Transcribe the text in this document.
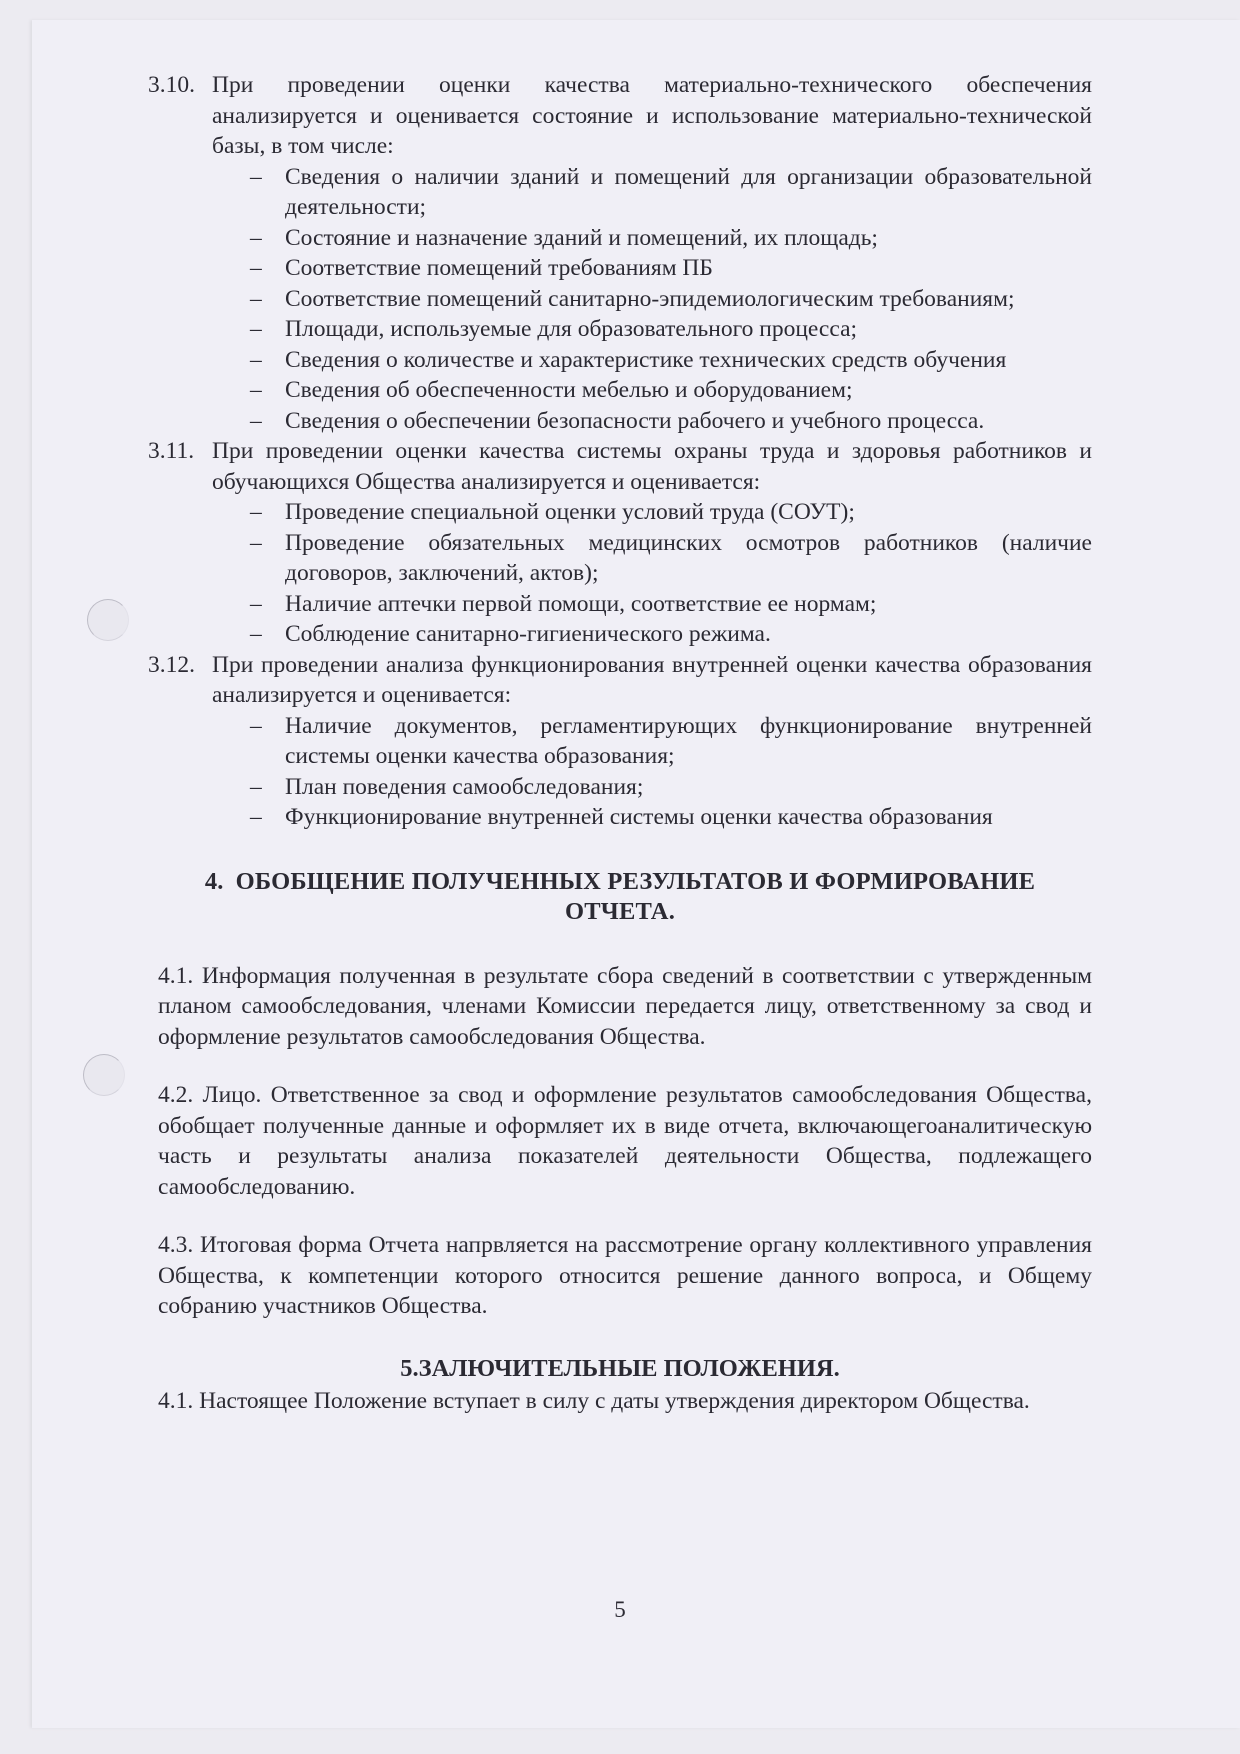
3.10. При проведении оценки качества материально-технического обеспечения анализируется и оценивается состояние и использование материально-технической базы, в том числе:
– Сведения о наличии зданий и помещений для организации образовательной деятельности;
– Состояние и назначение зданий и помещений, их площадь;
– Соответствие помещений требованиям ПБ
– Соответствие помещений санитарно-эпидемиологическим требованиям;
– Площади, используемые для образовательного процесса;
– Сведения о количестве и характеристике технических средств обучения
– Сведения об обеспеченности мебелью и оборудованием;
– Сведения о обеспечении безопасности рабочего и учебного процесса.
3.11. При проведении оценки качества системы охраны труда и здоровья работников и обучающихся Общества анализируется и оценивается:
– Проведение специальной оценки условий труда (СОУТ);
– Проведение обязательных медицинских осмотров работников (наличие договоров, заключений, актов);
– Наличие аптечки первой помощи, соответствие ее нормам;
– Соблюдение санитарно-гигиенического режима.
3.12. При проведении анализа функционирования внутренней оценки качества образования анализируется и оценивается:
– Наличие документов, регламентирующих функционирование внутренней системы оценки качества образования;
– План поведения самообследования;
– Функционирование внутренней системы оценки качества образования
4. ОБОБЩЕНИЕ ПОЛУЧЕННЫХ РЕЗУЛЬТАТОВ И ФОРМИРОВАНИЕ
ОТЧЕТА.

4.1. Информация полученная в результате сбора сведений в соответствии с утвержденным планом самообследования, членами Комиссии передается лицу, ответственному за свод и оформление результатов самообследования Общества.

4.2. Лицо. Ответственное за свод и оформление результатов самообследования Общества, обобщает полученные данные и оформляет их в виде отчета, включающегоаналитическую часть и результаты анализа показателей деятельности Общества, подлежащего самообследованию.

4.3. Итоговая форма Отчета напрвляется на рассмотрение органу коллективного управления Общества, к компетенции которого относится решение данного вопроса, и Общему собранию участников Общества.

5.ЗАЛЮЧИТЕЛЬНЫЕ ПОЛОЖЕНИЯ.

4.1. Настоящее Положение вступает в силу с даты утверждения директором Общества.

5
